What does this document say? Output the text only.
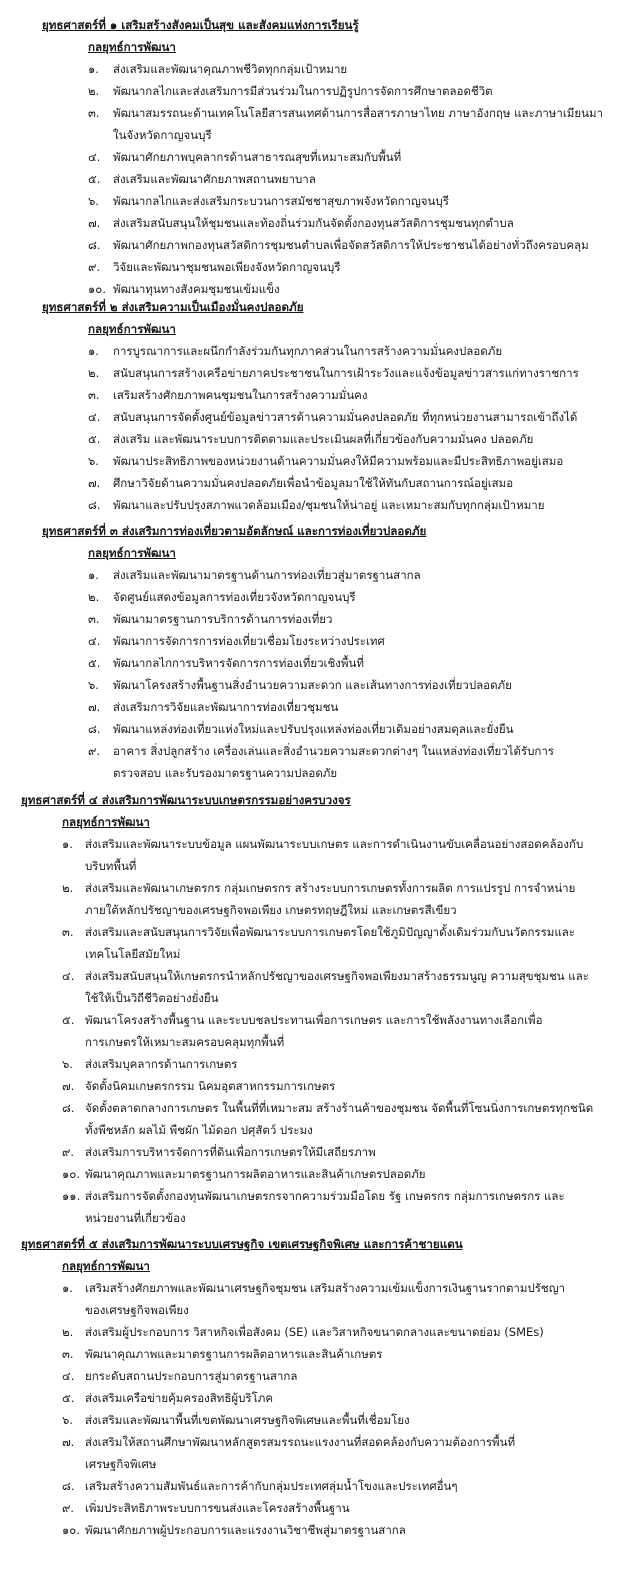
ยุทธศาสตร์ที่ ๑ เสริมสร้างสังคมเป็นสุข และสังคมแห่งการเรียนรู้
กลยุทธ์การพัฒนา
๑.	ส่งเสริมและพัฒนาคุณภาพชีวิตทุกกลุ่มเป้าหมาย
๒.	พัฒนากลไกและส่งเสริมการมีส่วนร่วมในการปฏิรูปการจัดการศึกษาตลอดชีวิต
๓.	พัฒนาสมรรถนะด้านเทคโนโลยีสารสนเทศด้านการสื่อสารภาษาไทย ภาษาอังกฤษ และภาษาเมียนมา
ในจังหวัดกาญจนบุรี
๔.	พัฒนาศักยภาพบุคลากรด้านสาธารณสุขที่เหมาะสมกับพื้นที่
๕.	ส่งเสริมและพัฒนาศักยภาพสถานพยาบาล
๖.	พัฒนากลไกและส่งเสริมกระบวนการสมัชชาสุขภาพจังหวัดกาญจนบุรี
๗.	ส่งเสริมสนับสนุนให้ชุมชนและท้องถิ่นร่วมกันจัดตั้งกองทุนสวัสดิการชุมชนทุกตำบล
๘.	พัฒนาศักยภาพกองทุนสวัสดิการชุมชนตำบลเพื่อจัดสวัสดิการให้ประชาชนได้อย่างทั่วถึงครอบคลุม
๙.	วิจัยและพัฒนาชุมชนพอเพียงจังหวัดกาญจนบุรี
๑๐. พัฒนาทุนทางสังคมชุมชนเข้มแข็ง
ยุทธศาสตร์ที่ ๒ ส่งเสริมความเป็นเมืองมั่นคงปลอดภัย
กลยุทธ์การพัฒนา
๑.	การบูรณาการและผนึกกำลังร่วมกันทุกภาคส่วนในการสร้างความมั่นคงปลอดภัย
๒.	สนับสนุนการสร้างเครือข่ายภาคประชาชนในการเฝ้าระวังและแจ้งข้อมูลข่าวสารแก่ทางราชการ
๓.	เสริมสร้างศักยภาพคนชุมชนในการสร้างความมั่นคง
๔.	สนับสนุนการจัดตั้งศูนย์ข้อมูลข่าวสารด้านความมั่นคงปลอดภัย ที่ทุกหน่วยงานสามารถเข้าถึงได้
๕.	ส่งเสริม และพัฒนาระบบการติดตามและประเมินผลที่เกี่ยวข้องกับความมั่นคง ปลอดภัย
๖.	พัฒนาประสิทธิภาพของหน่วยงานด้านความมั่นคงให้มีความพร้อมและมีประสิทธิภาพอยู่เสมอ
๗.	ศึกษาวิจัยด้านความมั่นคงปลอดภัยเพื่อนำข้อมูลมาใช้ให้ทันกับสถานการณ์อยู่เสมอ
๘.	พัฒนาและปรับปรุงสภาพแวดล้อมเมือง/ชุมชนให้น่าอยู่ และเหมาะสมกับทุกกลุ่มเป้าหมาย
ยุทธศาสตร์ที่ ๓ ส่งเสริมการท่องเที่ยวตามอัตลักษณ์ และการท่องเที่ยวปลอดภัย
กลยุทธ์การพัฒนา
๑.	ส่งเสริมและพัฒนามาตรฐานด้านการท่องเที่ยวสู่มาตรฐานสากล
๒.	จัดศูนย์แสดงข้อมูลการท่องเที่ยวจังหวัดกาญจนบุรี
๓.	พัฒนามาตรฐานการบริการด้านการท่องเที่ยว
๔.	พัฒนาการจัดการการท่องเที่ยวเชื่อมโยงระหว่างประเทศ
๕.	พัฒนากลไกการบริหารจัดการการท่องเที่ยวเชิงพื้นที่
๖.	พัฒนาโครงสร้างพื้นฐานสิ่งอำนวยความสะดวก และเส้นทางการท่องเที่ยวปลอดภัย
๗.	ส่งเสริมการวิจัยและพัฒนาการท่องเที่ยวชุมชน
๘.	พัฒนาแหล่งท่องเที่ยวแห่งใหม่และปรับปรุงแหล่งท่องเที่ยวเดิมอย่างสมดุลและยั่งยืน
๙.	อาคาร สิ่งปลูกสร้าง เครื่องเล่นและสิ่งอำนวยความสะดวกต่างๆ ในแหล่งท่องเที่ยวได้รับการ
ตรวจสอบ และรับรองมาตรฐานความปลอดภัย
ยุทธศาสตร์ที่ ๔ ส่งเสริมการพัฒนาระบบเกษตรกรรมอย่างครบวงจร
กลยุทธ์การพัฒนา
๑.	ส่งเสริมและพัฒนาระบบข้อมูล แผนพัฒนาระบบเกษตร และการดำเนินงานขับเคลื่อนอย่างสอดคล้องกับ
บริบทพื้นที่
๒.	ส่งเสริมและพัฒนาเกษตรกร กลุ่มเกษตรกร สร้างระบบการเกษตรทั้งการผลิต การแปรรูป การจำหน่าย
ภายใต้หลักปรัชญาของเศรษฐกิจพอเพียง เกษตรทฤษฎีใหม่ และเกษตรสีเขียว
๓. ส่งเสริมและสนับสนุนการวิจัยเพื่อพัฒนาระบบการเกษตรโดยใช้ภูมิปัญญาดั้งเดิมร่วมกับนวัตกรรมและ
เทคโนโลยีสมัยใหม่
๔. ส่งเสริมสนับสนุนให้เกษตรกรนำหลักปรัชญาของเศรษฐกิจพอเพียงมาสร้างธรรมนูญ ความสุขชุมชน และ
ใช้ให้เป็นวิถีชีวิตอย่างยั่งยืน
๕. พัฒนาโครงสร้างพื้นฐาน และระบบชลประทานเพื่อการเกษตร และการใช้พลังงานทางเลือกเพื่อ
การเกษตรให้เหมาะสมครอบคลุมทุกพื้นที่
๖.	ส่งเสริมบุคลากรด้านการเกษตร
๗. จัดตั้งนิคมเกษตรกรรม นิคมอุตสาหกรรมการเกษตร
๘. จัดตั้งตลาดกลางการเกษตร ในพื้นที่ที่เหมาะสม สร้างร้านค้าของชุมชน จัดพื้นที่โซนนิ่งการเกษตรทุกชนิด
ทั้งพืชหลัก ผลไม้ พืชผัก ไม้ดอก ปศุสัตว์ ประมง
๙. ส่งเสริมการบริหารจัดการที่ดินเพื่อการเกษตรให้มีเสถียรภาพ
๑๐. พัฒนาคุณภาพและมาตรฐานการผลิตอาหารและสินค้าเกษตรปลอดภัย
๑๑. ส่งเสริมการจัดตั้งกองทุนพัฒนาเกษตรกรจากความร่วมมือโดย รัฐ เกษตรกร กลุ่มการเกษตรกร และ
หน่วยงานที่เกี่ยวข้อง
ยุทธศาสตร์ที่ ๕ ส่งเสริมการพัฒนาระบบเศรษฐกิจ เขตเศรษฐกิจพิเศษ และการค้าชายแดน
กลยุทธ์การพัฒนา
๑.	เสริมสร้างศักยภาพและพัฒนาเศรษฐกิจชุมชน เสริมสร้างความเข้มแข็งการเงินฐานรากตามปรัชญา
ของเศรษฐกิจพอเพียง
๒.	ส่งเสริมผู้ประกอบการ วิสาหกิจเพื่อสังคม (SE) และวิสาหกิจขนาดกลางและขนาดย่อม (SMEs)
๓. พัฒนาคุณภาพและมาตรฐานการผลิตอาหารและสินค้าเกษตร
๔. ยกระดับสถานประกอบการสู่มาตรฐานสากล
๕. ส่งเสริมเครือข่ายคุ้มครองสิทธิผู้บริโภค
๖.	ส่งเสริมและพัฒนาพื้นที่เขตพัฒนาเศรษฐกิจพิเศษและพื้นที่เชื่อมโยง
๗. ส่งเสริมให้สถานศึกษาพัฒนาหลักสูตรสมรรถนะแรงงานที่สอดคล้องกับความต้องการพื้นที่
เศรษฐกิจพิเศษ
๘. เสริมสร้างความสัมพันธ์และการค้ากับกลุ่มประเทศลุ่มน้ำโขงและประเทศอื่นๆ
๙. เพิ่มประสิทธิภาพระบบการขนส่งและโครงสร้างพื้นฐาน
๑๐. พัฒนาศักยภาพผู้ประกอบการและแรงงานวิชาชีพสู่มาตรฐานสากล
